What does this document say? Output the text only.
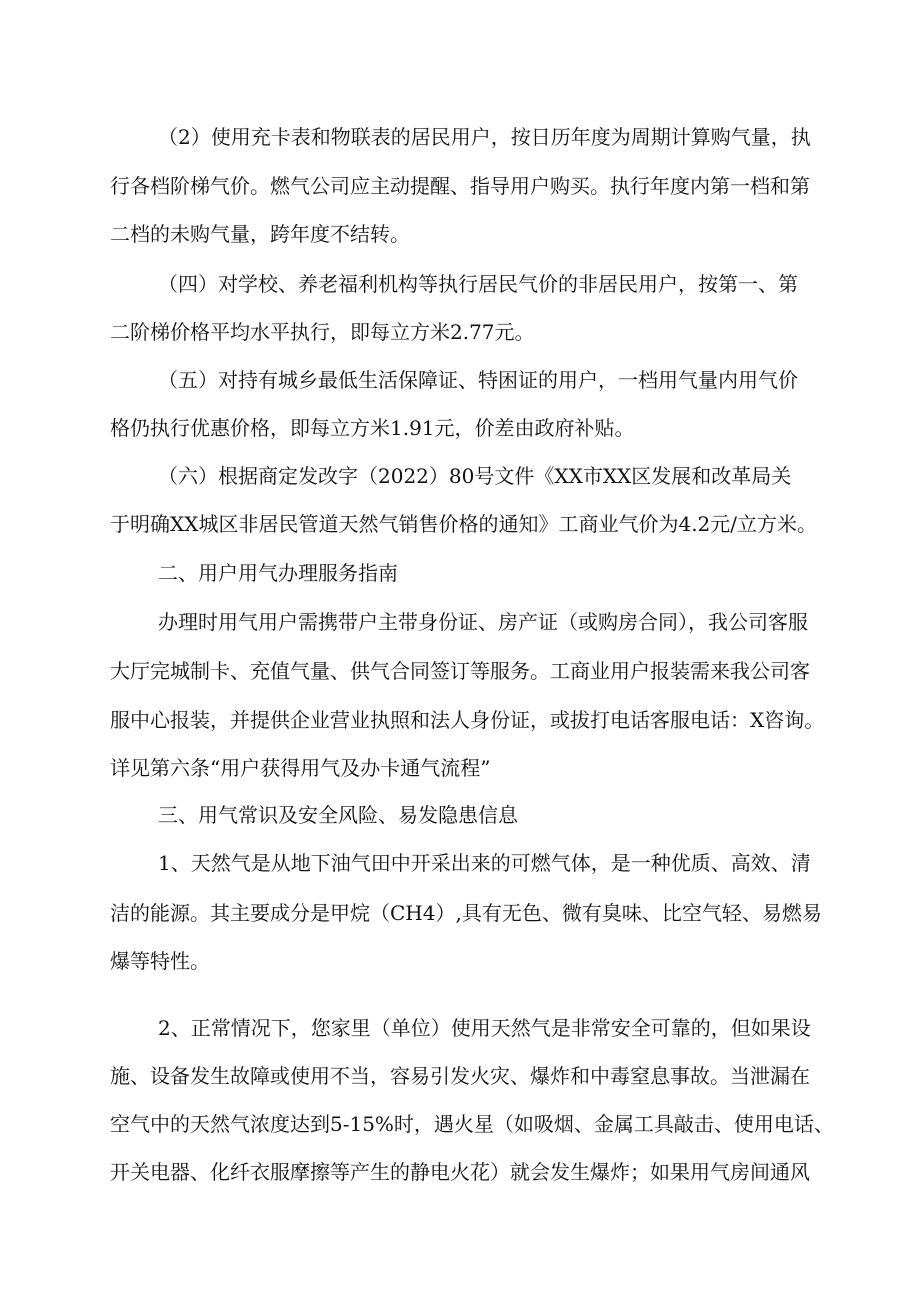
（2）使用充卡表和物联表的居民用户，按日历年度为周期计算购气量，执
行各档阶梯气价。燃气公司应主动提醒、指导用户购买。执行年度内第一档和第
二档的未购气量，跨年度不结转。
（四）对学校、养老福利机构等执行居民气价的非居民用户，按第一、第
二阶梯价格平均水平执行，即每立方米2.77元。
（五）对持有城乡最低生活保障证、特困证的用户，一档用气量内用气价
格仍执行优惠价格，即每立方米1.91元，价差由政府补贴。
（六）根据商定发改字（2022）80号文件《XX市XX区发展和改革局关
于明确XX城区非居民管道天然气销售价格的通知》工商业气价为4.2元/立方米。
二、用户用气办理服务指南
办理时用气用户需携带户主带身份证、房产证（或购房合同），我公司客服
大厅完城制卡、充值气量、供气合同签订等服务。工商业用户报装需来我公司客
服中心报装，并提供企业营业执照和法人身份证，或拔打电话客服电话：X咨询。
详见第六条“用户获得用气及办卡通气流程”
三、用气常识及安全风险、易发隐患信息
1、天然气是从地下油气田中开采出来的可燃气体，是一种优质、高效、清
洁的能源。其主要成分是甲烷（CH4）,具有无色、微有臭味、比空气轻、易燃易
爆等特性。
2、正常情况下，您家里（单位）使用天然气是非常安全可靠的，但如果设
施、设备发生故障或使用不当，容易引发火灾、爆炸和中毒窒息事故。当泄漏在
空气中的天然气浓度达到5-15%时，遇火星（如吸烟、金属工具敲击、使用电话、
开关电器、化纤衣服摩擦等产生的静电火花）就会发生爆炸；如果用气房间通风
